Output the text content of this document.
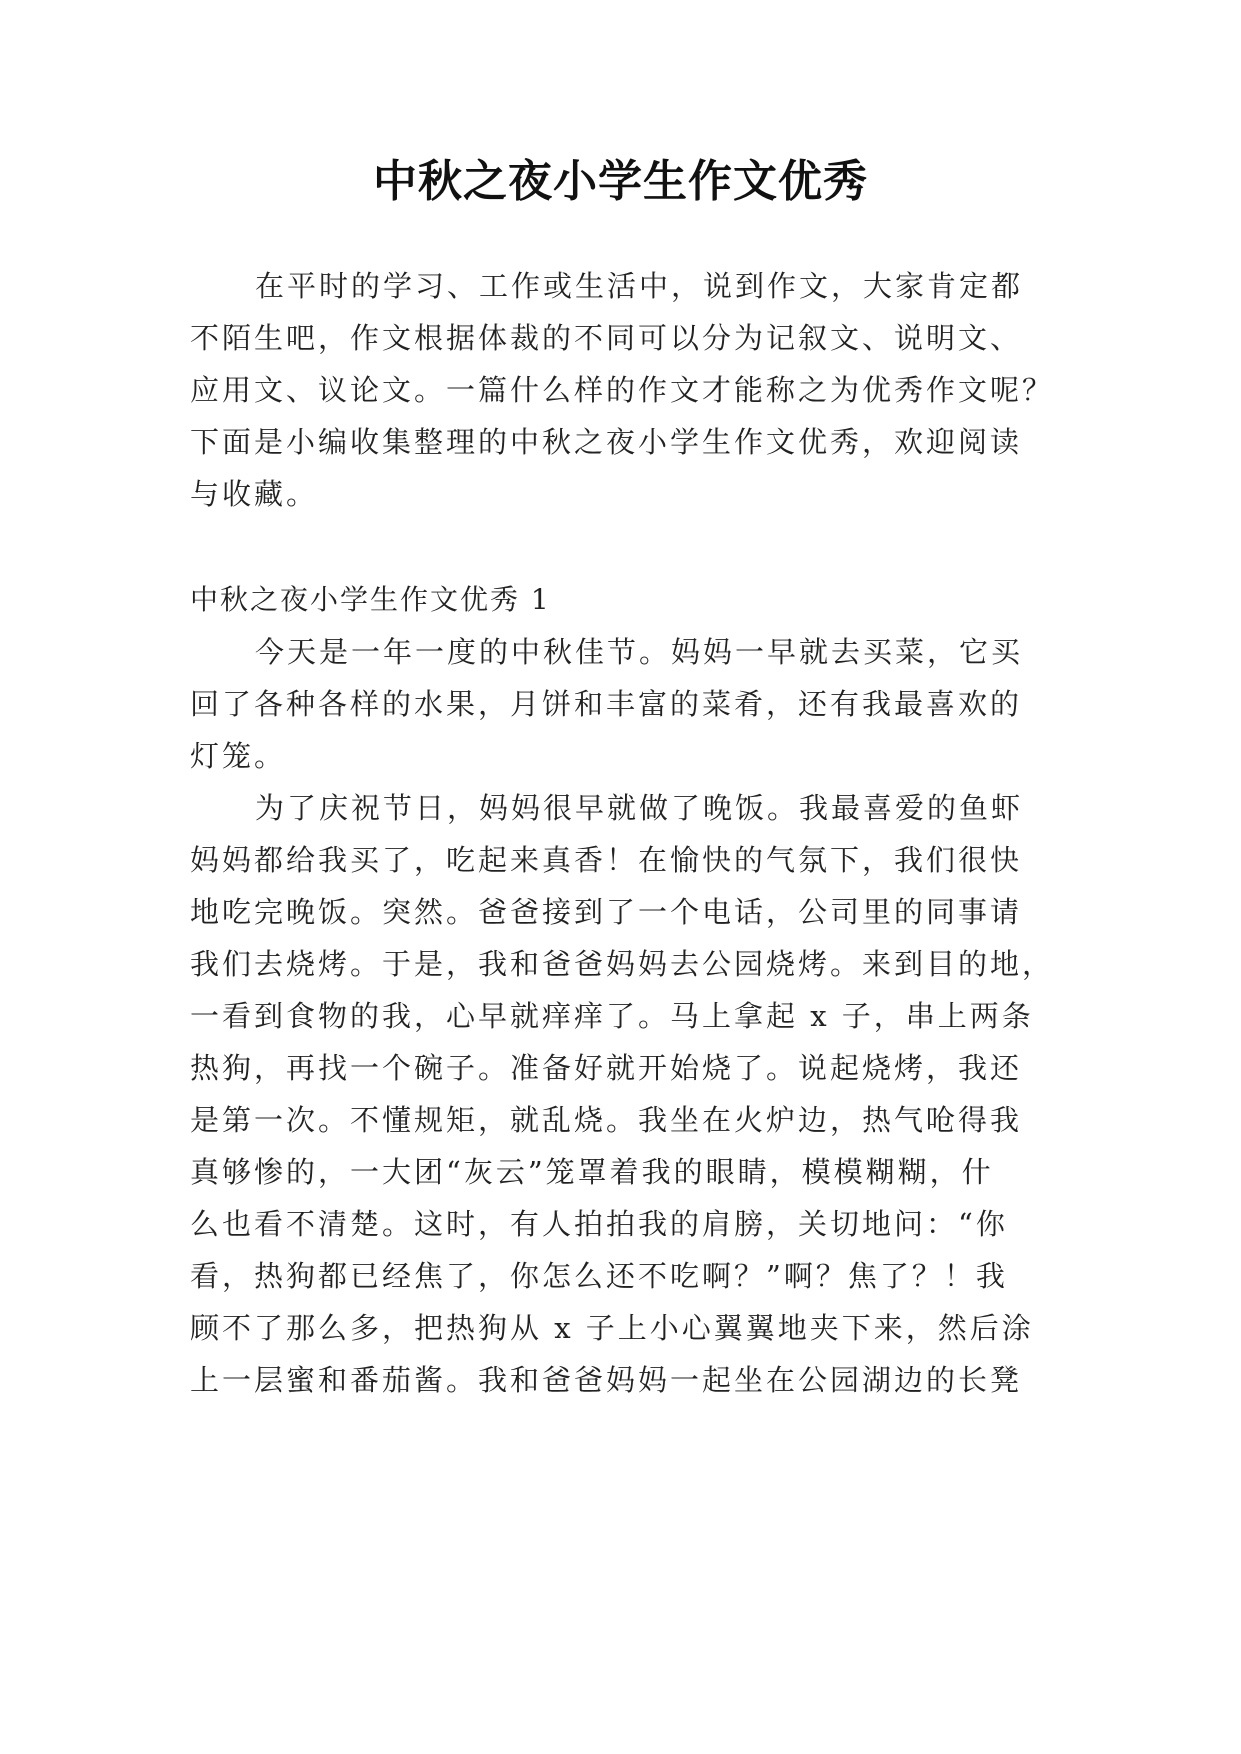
中秋之夜小学生作文优秀
在平时的学习、工作或生活中，说到作文，大家肯定都
不陌生吧，作文根据体裁的不同可以分为记叙文、说明文、
应用文、议论文。一篇什么样的作文才能称之为优秀作文呢？
下面是小编收集整理的中秋之夜小学生作文优秀，欢迎阅读
与收藏。
中秋之夜小学生作文优秀 1
今天是一年一度的中秋佳节。妈妈一早就去买菜，它买
回了各种各样的水果，月饼和丰富的菜肴，还有我最喜欢的
灯笼。
为了庆祝节日，妈妈很早就做了晚饭。我最喜爱的鱼虾
妈妈都给我买了，吃起来真香！在愉快的气氛下，我们很快
地吃完晚饭。突然。爸爸接到了一个电话，公司里的同事请
我们去烧烤。于是，我和爸爸妈妈去公园烧烤。来到目的地，
一看到食物的我，心早就痒痒了。马上拿起 x 子，串上两条
热狗，再找一个碗子。准备好就开始烧了。说起烧烤，我还
是第一次。不懂规矩，就乱烧。我坐在火炉边，热气呛得我
真够惨的，一大团“灰云”笼罩着我的眼睛，模模糊糊，什
么也看不清楚。这时，有人拍拍我的肩膀，关切地问：“你
看，热狗都已经焦了，你怎么还不吃啊？”啊？焦了？！我
顾不了那么多，把热狗从 x 子上小心翼翼地夹下来，然后涂
上一层蜜和番茄酱。我和爸爸妈妈一起坐在公园湖边的长凳
